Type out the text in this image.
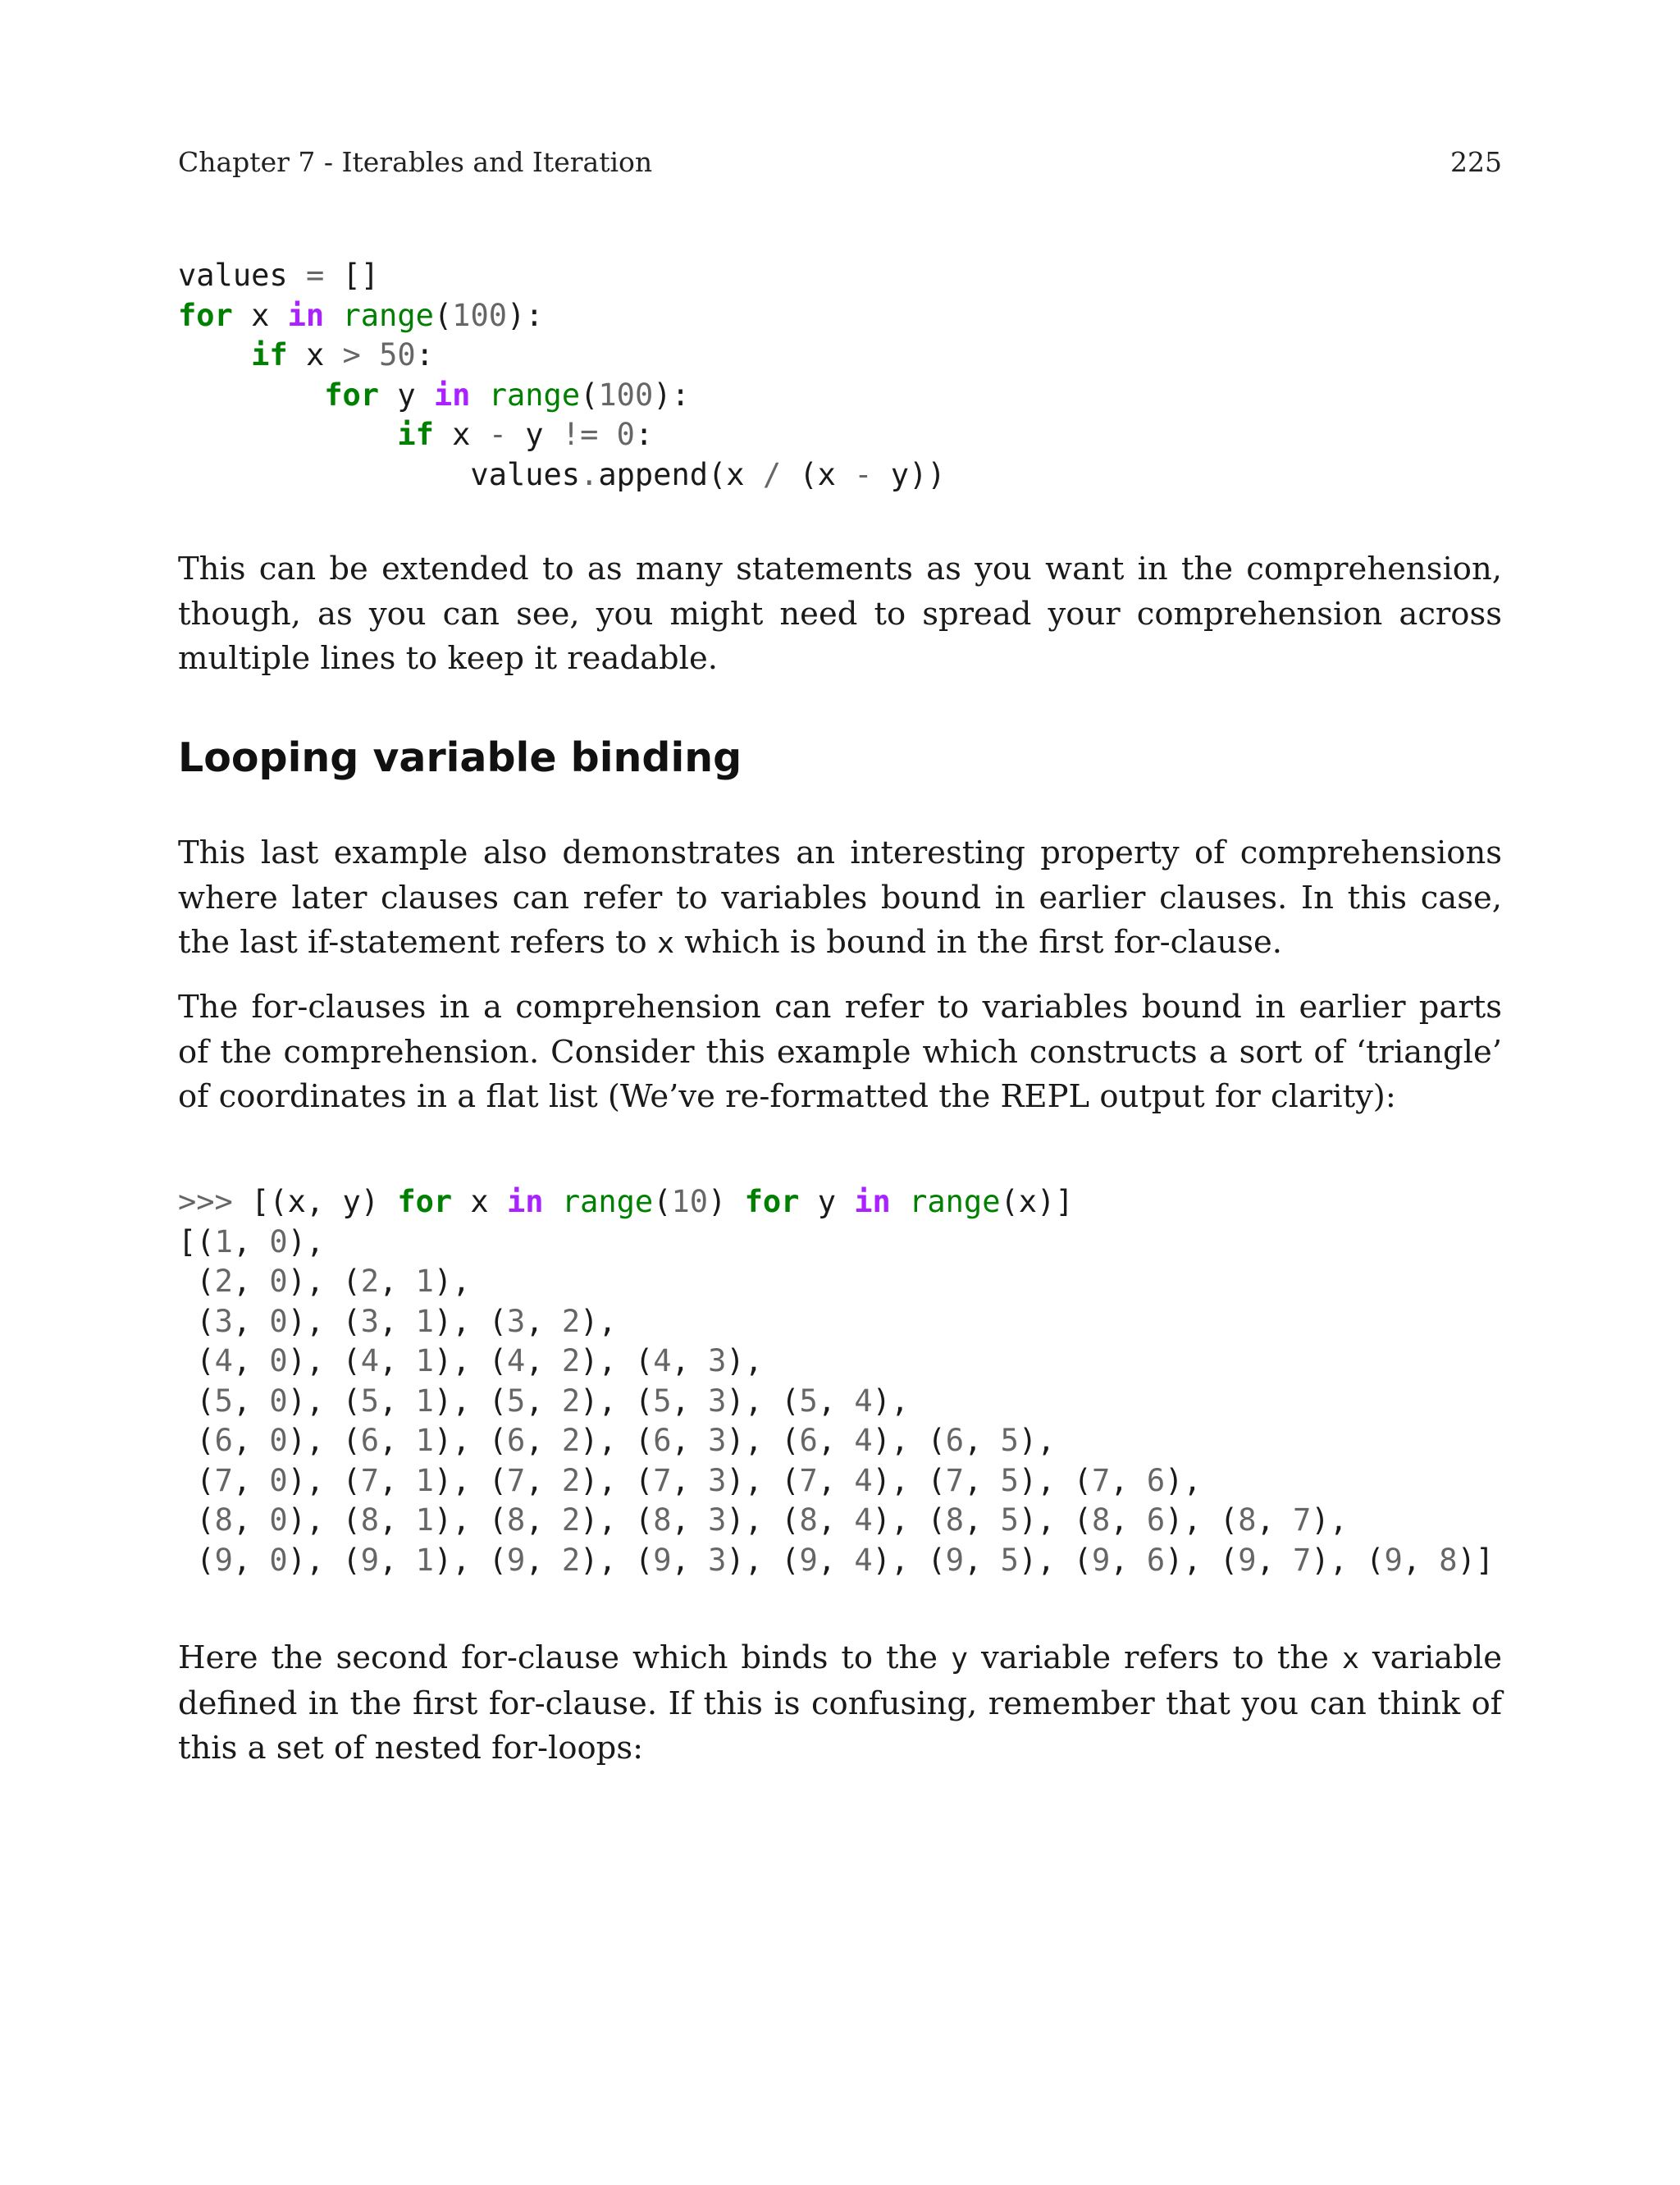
Chapter 7 - Iterables and Iteration	225
values = []
for x in range(100):
if x > 50:
for y in range(100):
if x - y != 0:
values.append(x / (x - y))

This can be extended to as many statements as you want in the comprehension, though, as you can see, you might need to spread your comprehension across multiple lines to keep it readable.

Looping variable binding

This last example also demonstrates an interesting property of comprehensions where later clauses can refer to variables bound in earlier clauses. In this case, the last if-statement refers to x which is bound in the first for-clause.

The for-clauses in a comprehension can refer to variables bound in earlier parts of the comprehension. Consider this example which constructs a sort of ‘triangle’ of coordinates in a flat list (We’ve re-formatted the REPL output for clarity):

>>> [(x, y) for x in range(10) for y in range(x)]
[(1, 0),
(2, 0), (2, 1),
(3, 0), (3, 1), (3, 2),
(4, 0), (4, 1), (4, 2), (4, 3),
(5, 0), (5, 1), (5, 2), (5, 3), (5, 4),
(6, 0), (6, 1), (6, 2), (6, 3), (6, 4), (6, 5),
(7, 0), (7, 1), (7, 2), (7, 3), (7, 4), (7, 5), (7, 6),
(8, 0), (8, 1), (8, 2), (8, 3), (8, 4), (8, 5), (8, 6), (8, 7),
(9, 0), (9, 1), (9, 2), (9, 3), (9, 4), (9, 5), (9, 6), (9, 7), (9, 8)]

Here the second for-clause which binds to the y variable refers to the x variable defined in the first for-clause. If this is confusing, remember that you can think of this a set of nested for-loops:
